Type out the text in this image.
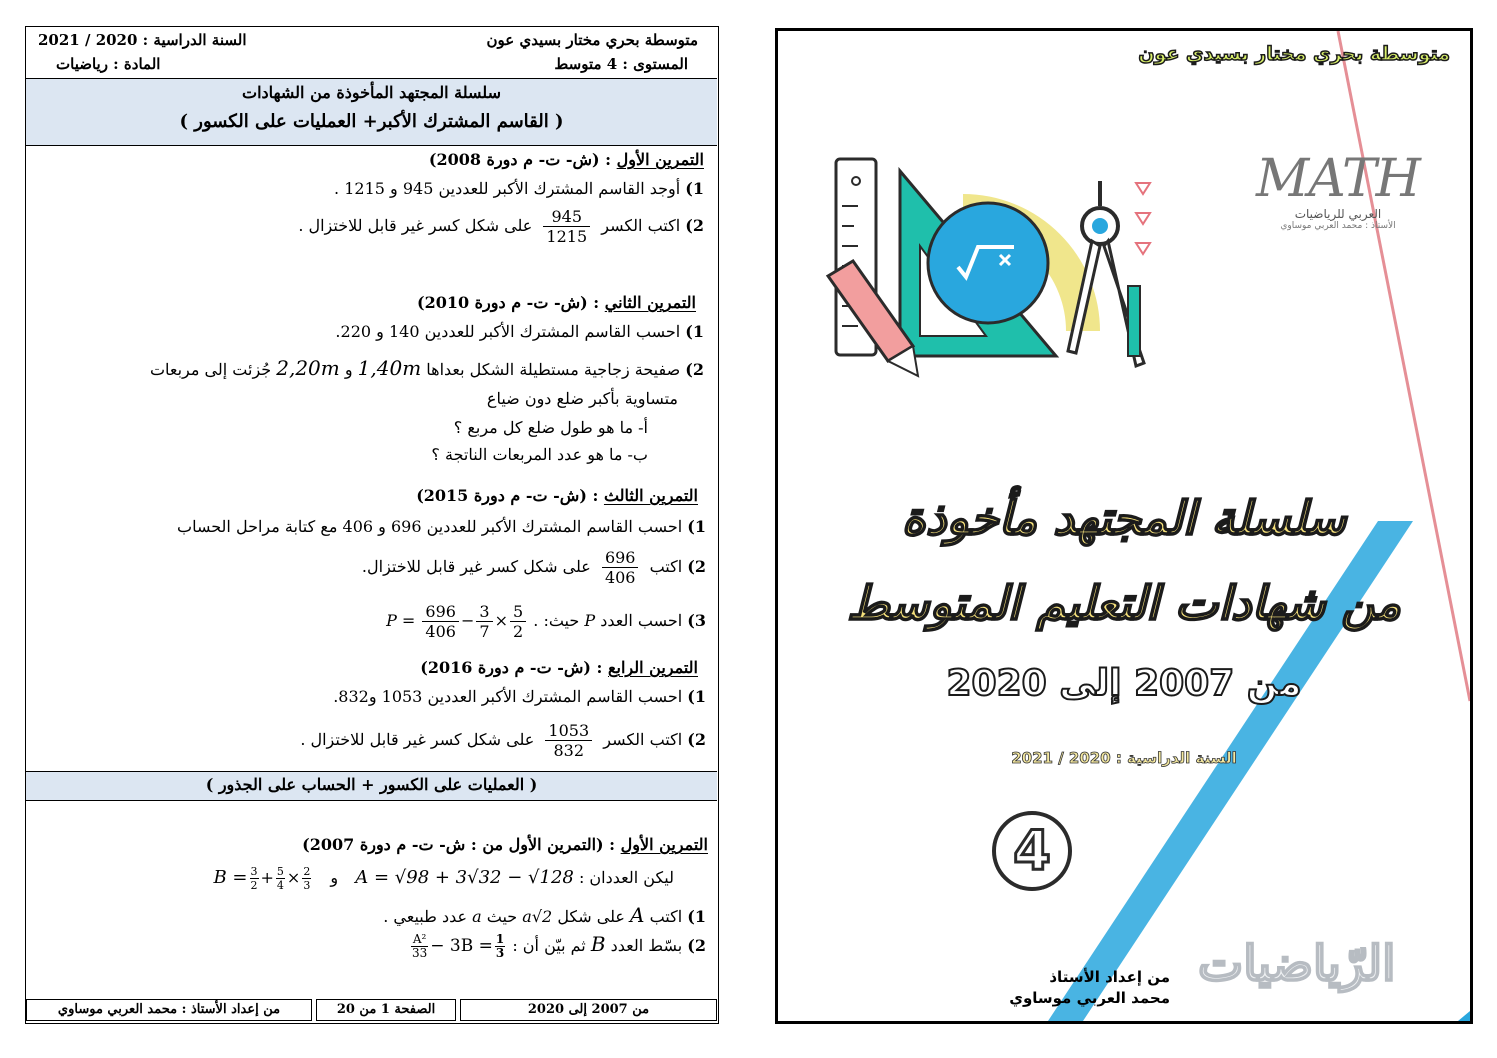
متوسطة بحري مختار بسيدي عون
المستوى : 4 متوسط
السنة الدراسية : 2020 / 2021
المادة : رياضيات
سلسلة المجتهد المأخوذة من الشهادات
( القاسم المشترك الأكبر+ العمليات على الكسور )
التمرين الأول : (ش- ت- م دورة 2008)
1) أوجد القاسم المشترك الأكبر للعددين 945 و 1215 .
2) اكتب الكسر
$\frac{945}{1215}$
على شكل كسر غير قابل للاختزال .
التمرين الثاني : (ش- ت- م دورة 2010)
1) احسب القاسم المشترك الأكبر للعددين 140 و 220.
2) صفيحة زجاجية مستطيلة الشكل بعداها 1,40m و 2,20m جُزئت إلى مربعات
متساوية بأكبر ضلع دون ضياع
أ- ما هو طول ضلع كل مربع ؟
ب- ما هو عدد المربعات الناتجة ؟
التمرين الثالث : (ش- ت- م دورة 2015)
1) احسب القاسم المشترك الأكبر للعددين 696 و 406 مع كتابة مراحل الحساب
2) اكتب
$\frac{696}{406}$
على شكل كسر غير قابل للاختزال.
3) احسب العدد P حيث: $P = \frac{696}{406} - \frac{3}{7} \times \frac{5}{2}$ .
التمرين الرابع : (ش- ت- م دورة 2016)
1) احسب القاسم المشترك الأكبر العددين 1053 و832.
2) اكتب الكسر
$\frac{1053}{832}$
على شكل كسر غير قابل للاختزال .
( العمليات على الكسور + الحساب على الجذور )
التمرين الأول : (التمرين الأول من : ش- ت- م دورة 2007)
ليكن العددان : A = √98 + 3√32 − √128 و $B = \frac{3}{2} + \frac{5}{4} \times \frac{2}{3}$
1) اكتب A على شكل a√2 حيث a عدد طبيعي .
2) بسّط العدد B ثم بيّن أن :
$\frac{\text{A²}}{33} - 3B = \frac{1}{3}$
من إعداد الأستاذ : محمد العربي موساوي	الصفحة 1 من 20	من 2007 إلى 2020
متوسطة بحري مختار بسيدي عون
MATH
العربي للرياضيات
الأستاذ : محمد العربي موساوي
سلسلة المجتهد مأخوذة
من شهادات التعليم المتوسط
من 2007 إلى 2020
السنة الدراسية : 2020 / 2021
4
من إعداد الأستاذ
محمد العربي موساوي
الرّياضيات
